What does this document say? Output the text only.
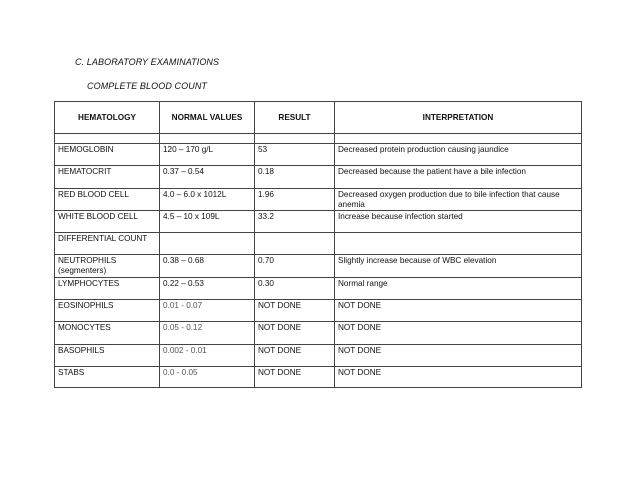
C. LABORATORY EXAMINATIONS
COMPLETE BLOOD COUNT
HEMATOLOGY	NORMAL VALUES	RESULT	INTERPRETATION

HEMOGLOBIN	120 – 170 g/L	53	Decreased protein production causing jaundice
HEMATOCRIT	0.37 – 0.54	0.18	Decreased because the patient have a bile infection
RED BLOOD CELL	4.0 – 6.0 x 1012L	1.96	Decreased oxygen production due to bile infection that cause anemia
WHITE BLOOD CELL	4.5 – 10 x 109L	33.2	Increase because infection started
DIFFERENTIAL COUNT			
NEUTROPHILS (segmenters)	0.38 – 0.68	0.70	Slightly increase because of WBC elevation
LYMPHOCYTES	0.22 – 0.53	0.30	Normal range
EOSINOPHILS	0.01 - 0.07	NOT DONE	NOT DONE
MONOCYTES	0.05 - 0.12	NOT DONE	NOT DONE
BASOPHILS	0.002 - 0.01	NOT DONE	NOT DONE
STABS	0.0 - 0.05	NOT DONE	NOT DONE
